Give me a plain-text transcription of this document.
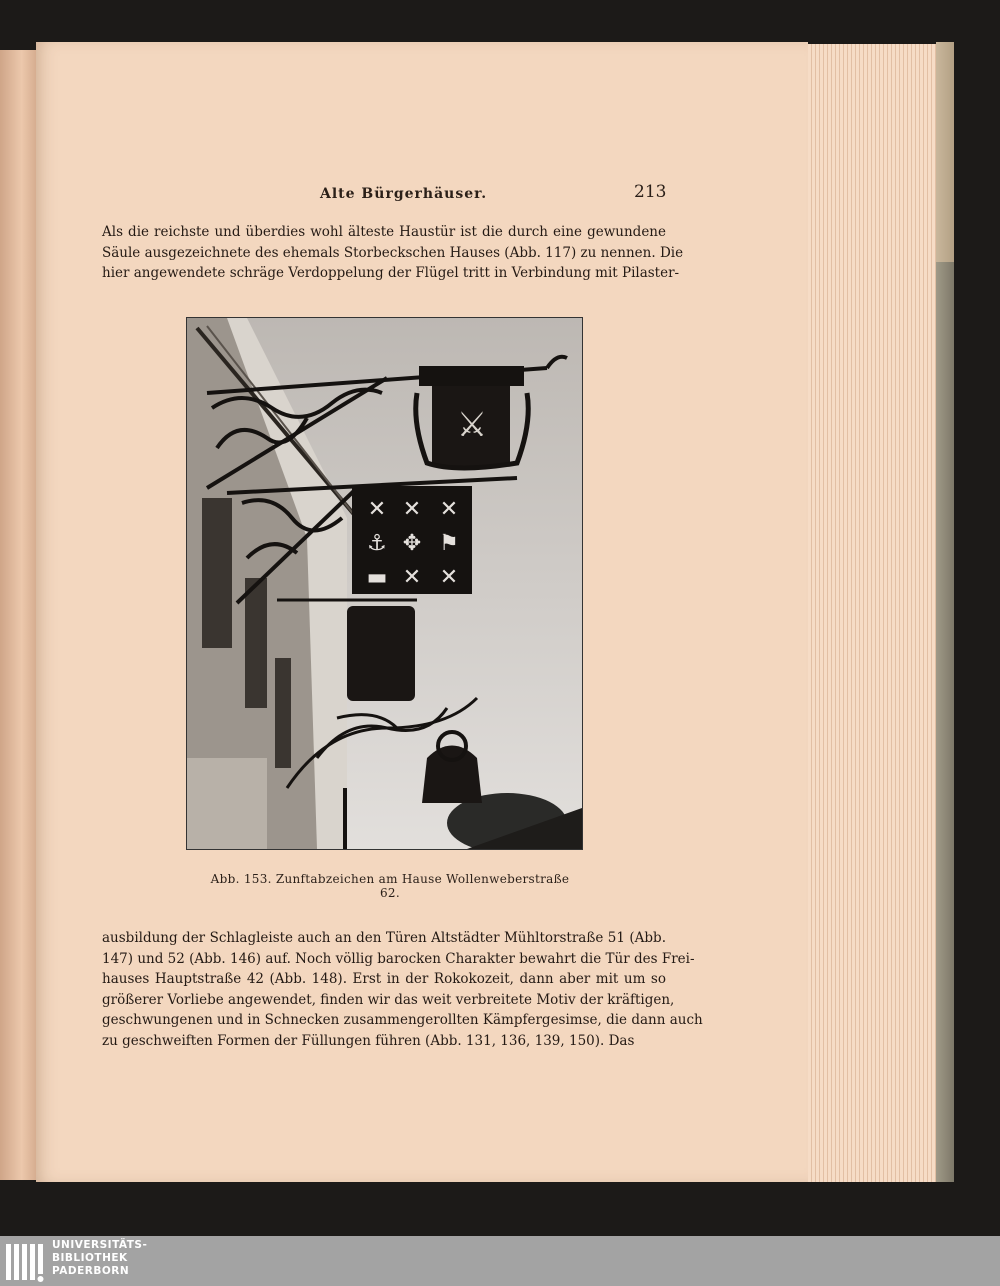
Alte Bürgerhäuser.	213
Als die reichste und überdies wohl älteste Haustür ist die durch eine gewundene
Säule ausgezeichnete des ehemals Storbeckschen Hauses (Abb. 117) zu nennen. Die
hier angewendete schräge Verdoppelung der Flügel tritt in Verbindung mit Pilaster-
⚔
✕ ✕ ✕
⚓ ✥ ⚑
▬ ✕ ✕
Abb. 153. Zunftabzeichen am Hause Wollenweberstraße 62.
ausbildung der Schlagleiste auch an den Türen Altstädter Mühltorstraße 51 (Abb.
147) und 52 (Abb. 146) auf. Noch völlig barocken Charakter bewahrt die Tür des Frei-
hauses Hauptstraße 42 (Abb. 148). Erst in der Rokokozeit, dann aber mit um so
größerer Vorliebe angewendet, finden wir das weit verbreitete Motiv der kräftigen,
geschwungenen und in Schnecken zusammengerollten Kämpfergesimse, die dann auch
zu geschweiften Formen der Füllungen führen (Abb. 131, 136, 139, 150). Das
UNIVERSITÄTS-
BIBLIOTHEK
PADERBORN
